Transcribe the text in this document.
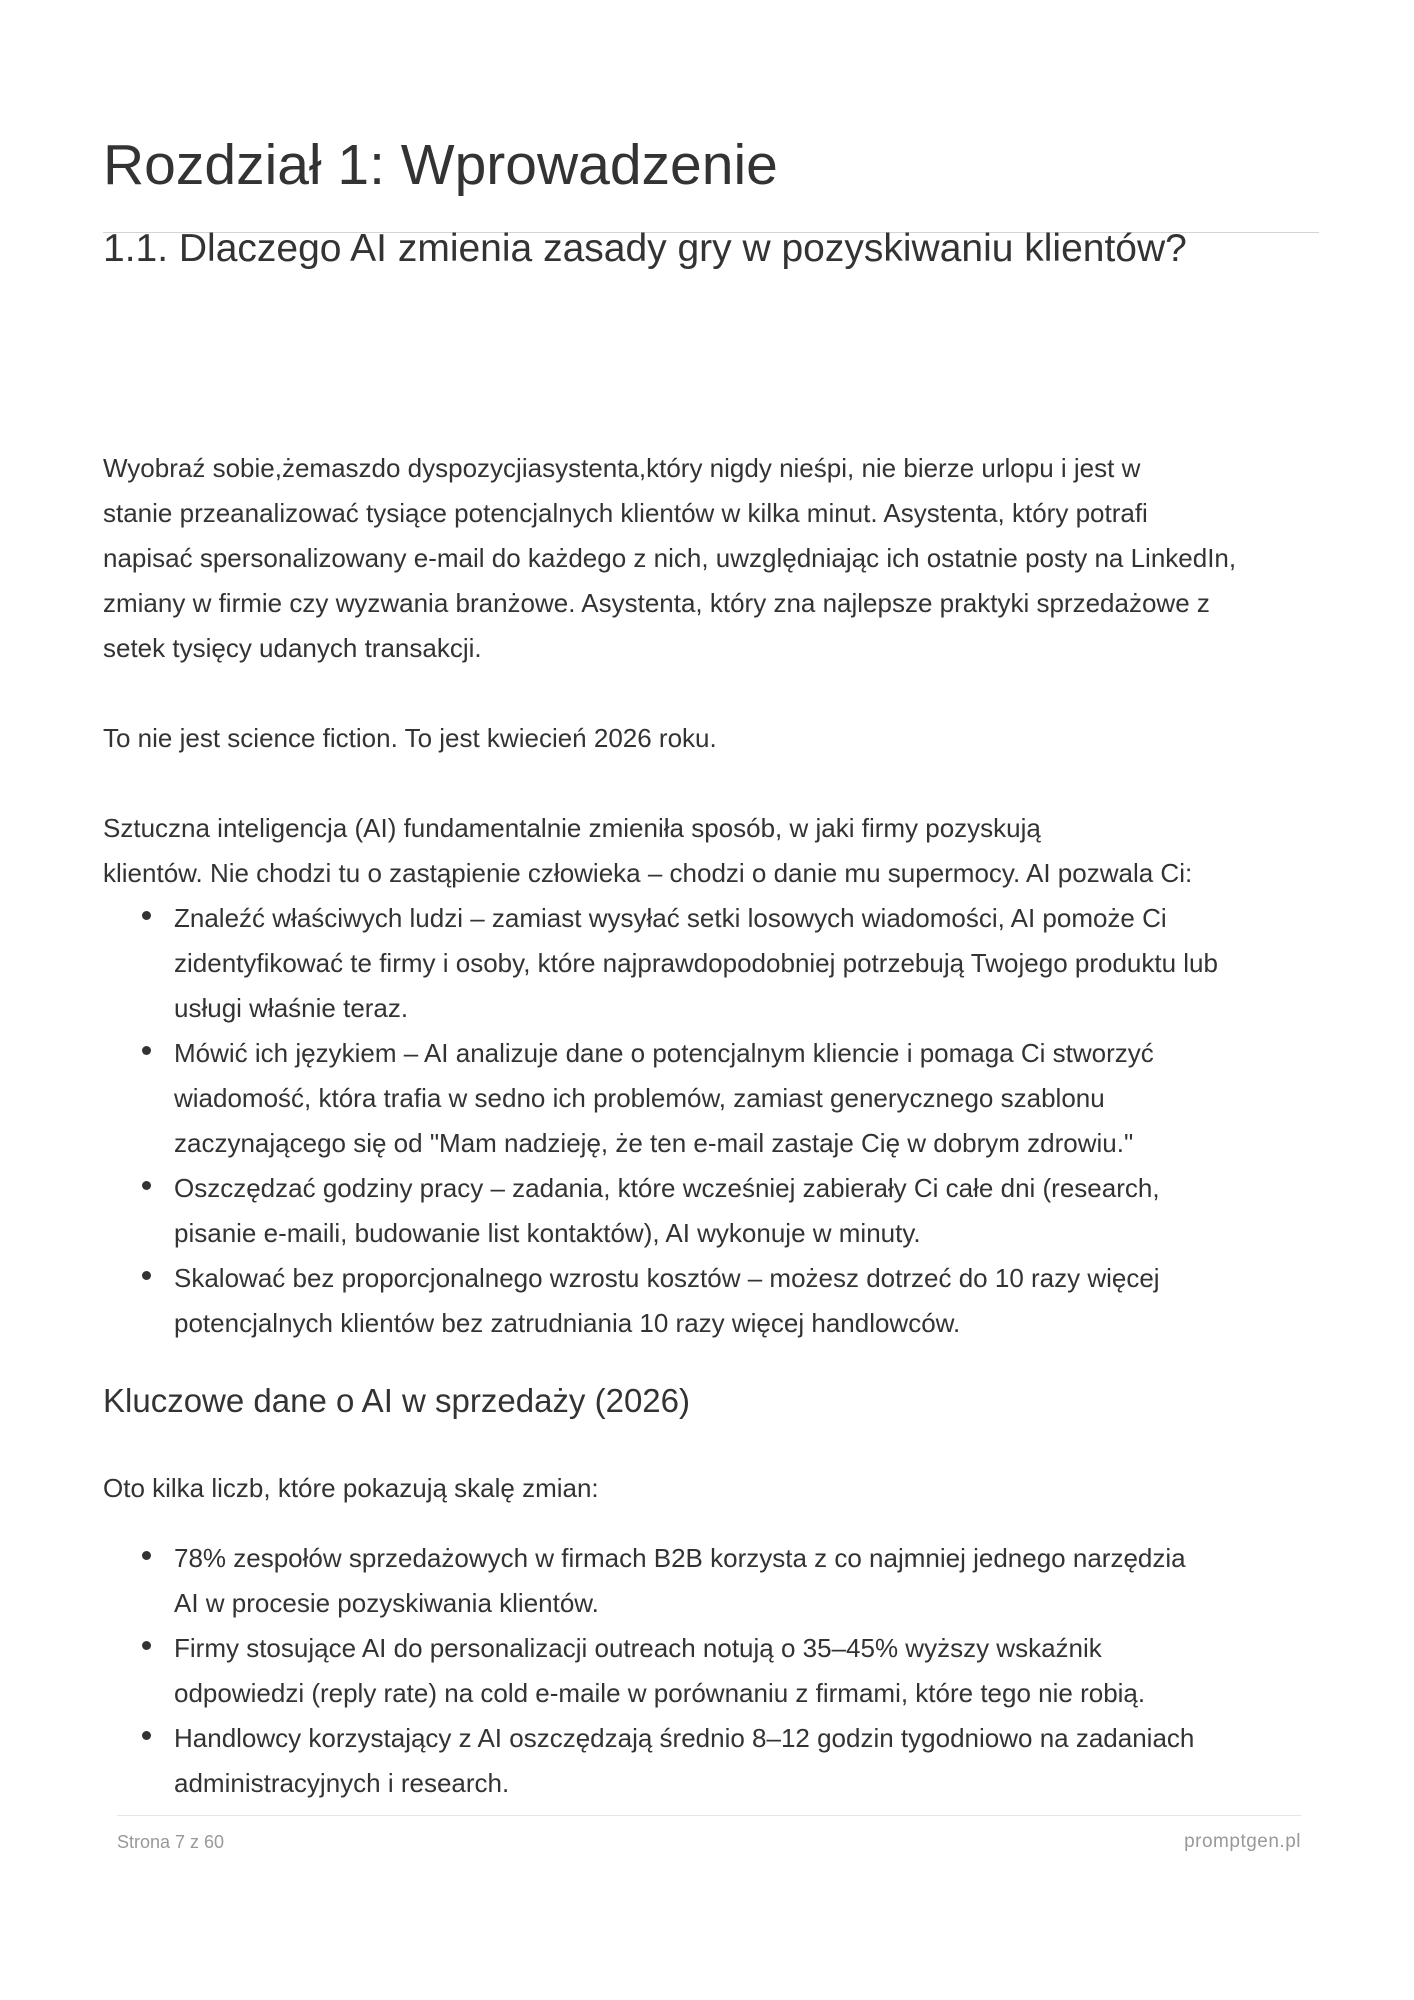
Rozdział 1: Wprowadzenie
1.1. Dlaczego AI zmienia zasady gry w pozyskiwaniu klientów?

Wyobraź sobie,żemaszdo dyspozycjiasystenta,który nigdy nieśpi, nie bierze urlopu i jest w
stanie przeanalizować tysiące potencjalnych klientów w kilka minut. Asystenta, który potrafi
napisać spersonalizowany e-mail do każdego z nich, uwzględniając ich ostatnie posty na LinkedIn,
zmiany w firmie czy wyzwania branżowe. Asystenta, który zna najlepsze praktyki sprzedażowe z
setek tysięcy udanych transakcji.

To nie jest science fiction. To jest kwiecień 2026 roku.

Sztuczna inteligencja (AI) fundamentalnie zmieniła sposób, w jaki firmy pozyskują
klientów. Nie chodzi tu o zastąpienie człowieka – chodzi o danie mu supermocy. AI pozwala Ci:

Znaleźć właściwych ludzi – zamiast wysyłać setki losowych wiadomości, AI pomoże Ci
zidentyfikować te firmy i osoby, które najprawdopodobniej potrzebują Twojego produktu lub
usługi właśnie teraz.
Mówić ich językiem – AI analizuje dane o potencjalnym kliencie i pomaga Ci stworzyć
wiadomość, która trafia w sedno ich problemów, zamiast generycznego szablonu
zaczynającego się od "Mam nadzieję, że ten e-mail zastaje Cię w dobrym zdrowiu."
Oszczędzać godziny pracy – zadania, które wcześniej zabierały Ci całe dni (research,
pisanie e-maili, budowanie list kontaktów), AI wykonuje w minuty.
Skalować bez proporcjonalnego wzrostu kosztów – możesz dotrzeć do 10 razy więcej
potencjalnych klientów bez zatrudniania 10 razy więcej handlowców.
Kluczowe dane o AI w sprzedaży (2026)

Oto kilka liczb, które pokazują skalę zmian:

78% zespołów sprzedażowych w firmach B2B korzysta z co najmniej jednego narzędzia
AI w procesie pozyskiwania klientów.
Firmy stosujące AI do personalizacji outreach notują o 35–45% wyższy wskaźnik
odpowiedzi (reply rate) na cold e-maile w porównaniu z firmami, które tego nie robią.
Handlowcy korzystający z AI oszczędzają średnio 8–12 godzin tygodniowo na zadaniach
administracyjnych i research.
Strona 7 z 60	promptgen.pl
